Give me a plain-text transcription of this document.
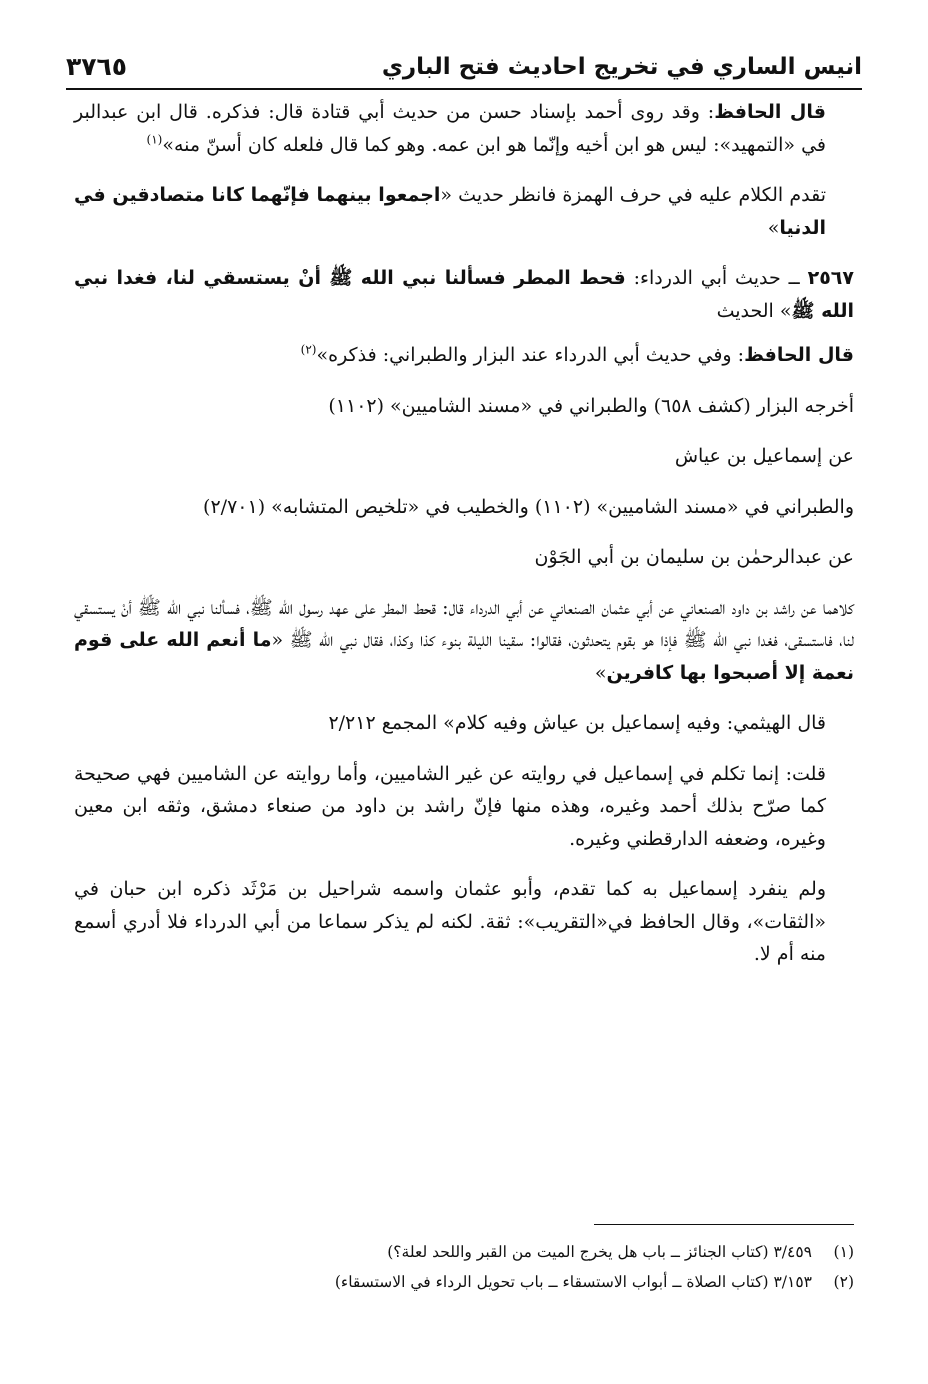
انيس الساري في تخريج احاديث فتح الباري
٣٧٦٥

قال الحافظ: وقد روى أحمد بإسناد حسن من حديث أبي قتادة قال: فذكره. قال ابن عبدالبر في «التمهيد»: ليس هو ابن أخيه وإنّما هو ابن عمه. وهو كما قال فلعله كان أسنّ منه»$^{(١)}$

تقدم الكلام عليه في حرف الهمزة فانظر حديث «اجمعوا بينهما فإنّهما كانا متصادقين في الدنيا»

٢٥٦٧ ــ حديث أبي الدرداء: قحط المطر فسألنا نبي الله ﷺ أنْ يستسقي لنا، فغدا نبي الله ﷺ» الحديث

قال الحافظ: وفي حديث أبي الدرداء عند البزار والطبراني: فذكره»$^{(٢)}$

أخرجه البزار (كشف ٦٥٨) والطبراني في «مسند الشاميين» (١١٠٢)

عن إسماعيل بن عياش

والطبراني في «مسند الشاميين» (١١٠٢) والخطيب في «تلخيص المتشابه» (٢/٧٠١)

عن عبدالرحمٰن بن سليمان بن أبي الجَوْن

كلاهما عن راشد بن داود الصنعاني عن أبي عثمان الصنعاني عن أبي الدرداء قال: قحط المطر على عهد رسول الله ﷺ، فسألنا نبي الله ﷺ أنْ يستسقي لنا، فاستسقى، فغدا نبي الله ﷺ فإذا هو بقوم يتحدثون، فقالوا: سقينا الليلة بنوء كذا وكذا، فقال نبي الله ﷺ «ما أنعم الله على قوم نعمة إلا أصبحوا بها كافرين»

قال الهيثمي: وفيه إسماعيل بن عياش وفيه كلام» المجمع ٢/٢١٢

قلت: إنما تكلم في إسماعيل في روايته عن غير الشاميين، وأما روايته عن الشاميين فهي صحيحة كما صرّح بذلك أحمد وغيره، وهذه منها فإنّ راشد بن داود من صنعاء دمشق، وثقه ابن معين وغيره، وضعفه الدارقطني وغيره.

ولم ينفرد إسماعيل به كما تقدم، وأبو عثمان واسمه شراحيل بن مَرْثَد ذكره ابن حبان في «الثقات»، وقال الحافظ في«التقريب»: ثقة. لكنه لم يذكر سماعا من أبي الدرداء فلا أدري أسمع منه أم لا.

(١)
٣/٤٥٩ (كتاب الجنائز ــ باب هل يخرج الميت من القبر واللحد لعلة؟)
(٢)
٣/١٥٣ (كتاب الصلاة ــ أبواب الاستسقاء ــ باب تحويل الرداء في الاستسقاء)
